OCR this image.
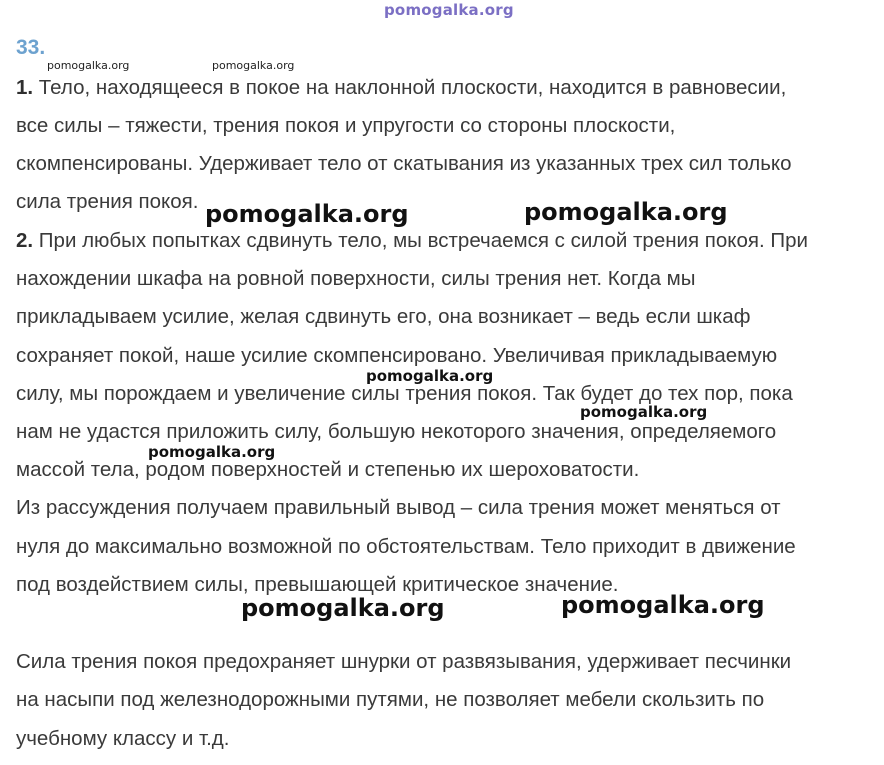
pomogalka.org
33.
1. Тело, находящееся в покое на наклонной плоскости, находится в равновесии,
все силы – тяжести, трения покоя и упругости со стороны плоскости,
скомпенсированы. Удерживает тело от скатывания из указанных трех сил только
сила трения покоя.
2. При любых попытках сдвинуть тело, мы встречаемся с силой трения покоя. При
нахождении шкафа на ровной поверхности, силы трения нет. Когда мы
прикладываем усилие, желая сдвинуть его, она возникает – ведь если шкаф
сохраняет покой, наше усилие скомпенсировано. Увеличивая прикладываемую
силу, мы порождаем и увеличение силы трения покоя. Так будет до тех пор, пока
нам не удастся приложить силу, большую некоторого значения, определяемого
массой тела, родом поверхностей и степенью их шероховатости.
Из рассуждения получаем правильный вывод – сила трения может меняться от
нуля до максимально возможной по обстоятельствам. Тело приходит в движение
под воздействием силы, превышающей критическое значение.
Сила трения покоя предохраняет шнурки от развязывания, удерживает песчинки
на насыпи под железнодорожными путями, не позволяет мебели скользить по
учебному классу и т.д.
pomogalka.org	pomogalka.org
pomogalka.org	pomogalka.org
pomogalka.org
pomogalka.org
pomogalka.org
pomogalka.org	pomogalka.org
